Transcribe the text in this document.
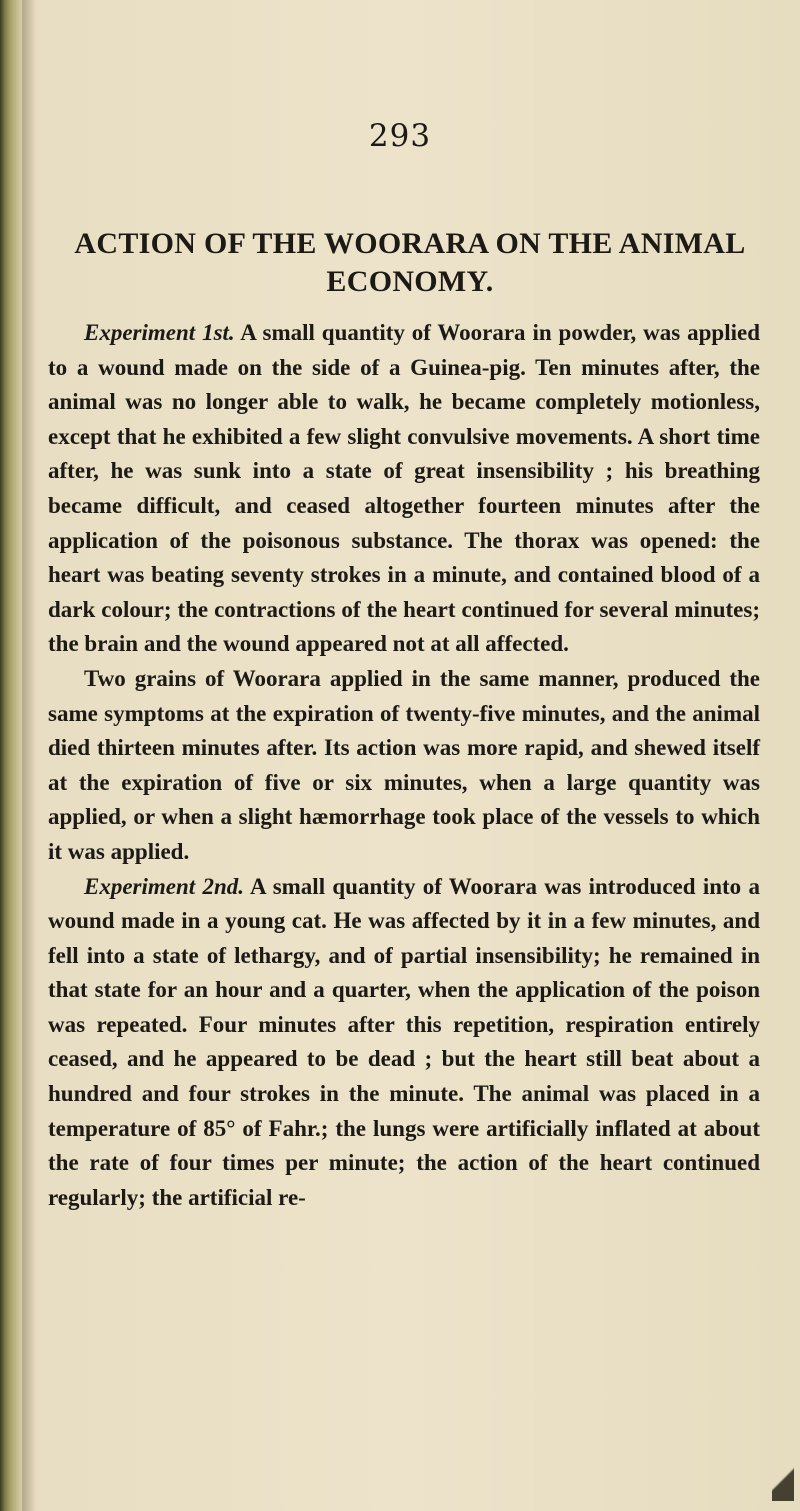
293
ACTION OF THE WOORARA ON THE ANIMAL ECONOMY.

Experiment 1st. A small quantity of Woorara in powder, was applied to a wound made on the side of a Guinea-pig. Ten minutes after, the animal was no longer able to walk, he became completely motionless, except that he exhibited a few slight convulsive movements. A short time after, he was sunk into a state of great insensibility ; his breathing became difficult, and ceased altogether fourteen minutes after the application of the poisonous substance. The thorax was opened: the heart was beating seventy strokes in a minute, and contained blood of a dark colour; the contractions of the heart continued for several minutes; the brain and the wound appeared not at all affected.

Two grains of Woorara applied in the same manner, produced the same symptoms at the expiration of twenty-five minutes, and the animal died thirteen minutes after. Its action was more rapid, and shewed itself at the expiration of five or six minutes, when a large quantity was applied, or when a slight hæmorrhage took place of the vessels to which it was applied.

Experiment 2nd. A small quantity of Woorara was introduced into a wound made in a young cat. He was affected by it in a few minutes, and fell into a state of lethargy, and of partial insensibility; he remained in that state for an hour and a quarter, when the application of the poison was repeated. Four minutes after this repetition, respiration entirely ceased, and he appeared to be dead ; but the heart still beat about a hundred and four strokes in the minute. The animal was placed in a temperature of 85° of Fahr.; the lungs were artificially inflated at about the rate of four times per minute; the action of the heart continued regularly; the artificial re-
